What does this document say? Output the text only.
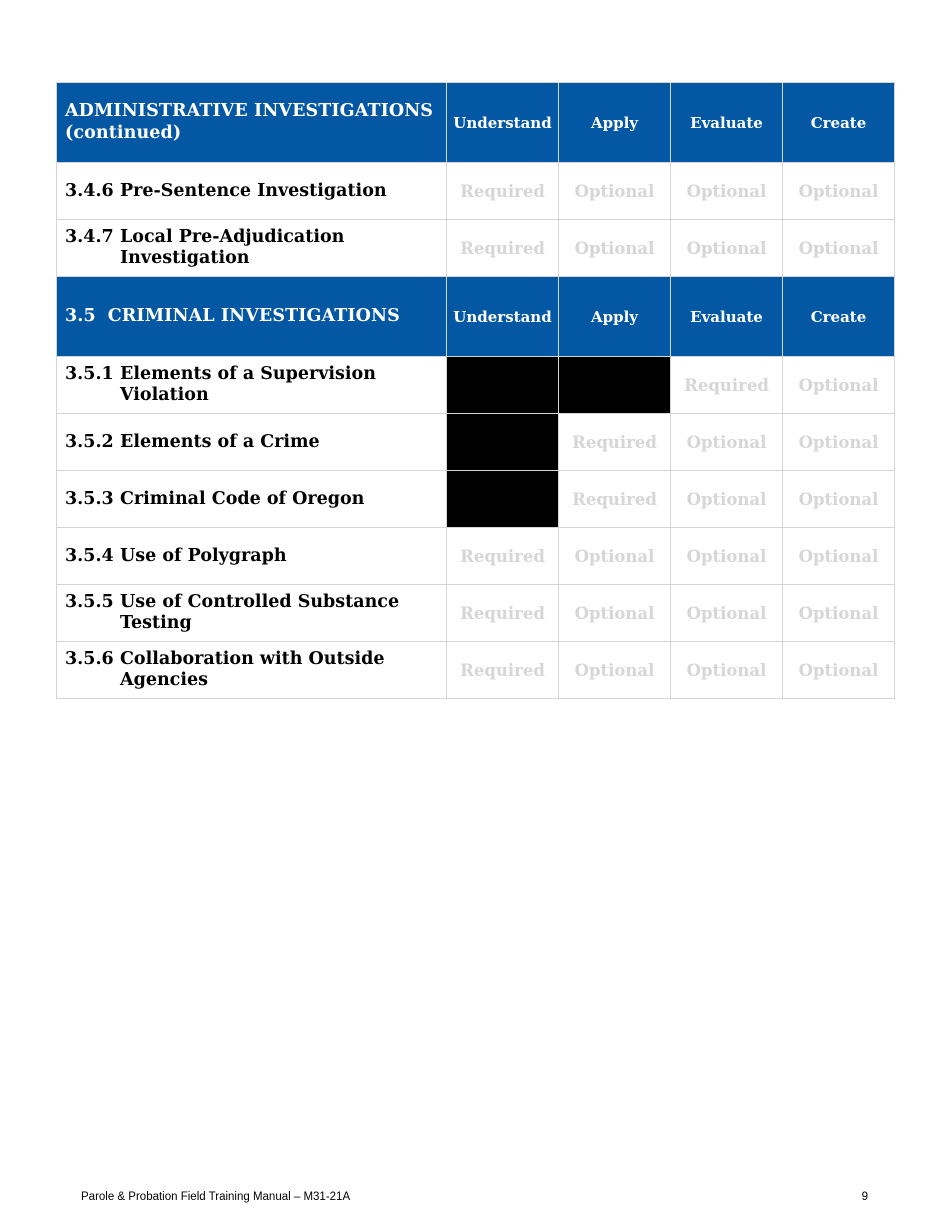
ADMINISTRATIVE INVESTIGATIONS (continued)	Understand	Apply	Evaluate	Create

3.4.6 Pre-Sentence Investigation	Required	Optional	Optional	Optional

3.4.7 Local Pre-Adjudication Investigation	Required	Optional	Optional	Optional
3.5 CRIMINAL INVESTIGATIONS	Understand	Apply	Evaluate	Create

3.5.1 Elements of a Supervision Violation			Required	Optional

3.5.2 Elements of a Crime		Required	Optional	Optional

3.5.3 Criminal Code of Oregon		Required	Optional	Optional

3.5.4 Use of Polygraph	Required	Optional	Optional	Optional

3.5.5 Use of Controlled Substance Testing	Required	Optional	Optional	Optional

3.5.6 Collaboration with Outside Agencies	Required	Optional	Optional	Optional
Parole & Probation Field Training Manual – M31-21A	9
